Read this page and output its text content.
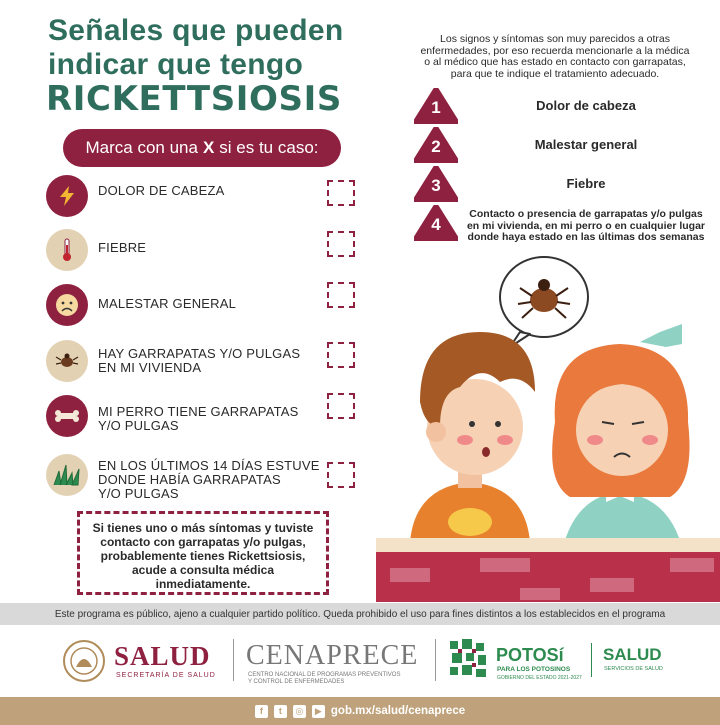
Señales que pueden
indicar que tengo
RICKETTSIOSIS
Marca con una X si es tu caso:
DOLOR DE CABEZA
FIEBRE
MALESTAR GENERAL
HAY GARRAPATAS Y/O PULGAS
EN MI VIVIENDA
MI PERRO TIENE GARRAPATAS
Y/O PULGAS
EN LOS ÚLTIMOS 14 DÍAS ESTUVE
DONDE HABÍA GARRAPATAS
Y/O PULGAS
Si tienes uno o más síntomas y tuviste contacto con garrapatas y/o pulgas, probablemente tienes Rickettsiosis, acude a consulta médica inmediatamente.
Los signos y síntomas son muy parecidos a otras enfermedades, por eso recuerda mencionarle a la médica o al médico que has estado en contacto con garrapatas, para que te indique el tratamiento adecuado.
1	Dolor de cabeza
2	Malestar general
3	Fiebre
4
Contacto o presencia de garrapatas y/o pulgas en mi vivienda, en mi perro o en cualquier lugar donde haya estado en las últimas dos semanas
Este programa es público, ajeno a cualquier partido político. Queda prohibido el uso para fines distintos a los establecidos en el programa
SALUD
SECRETARÍA DE SALUD
CENAPRECE
CENTRO NACIONAL DE PROGRAMAS PREVENTIVOS
Y CONTROL DE ENFERMEDADES
POTOSí
PARA LOS POTOSINOS
GOBIERNO DEL ESTADO 2021-2027
SALUD
SERVICIOS DE SALUD
f	t	◎	▶ gob.mx/salud/cenaprece
